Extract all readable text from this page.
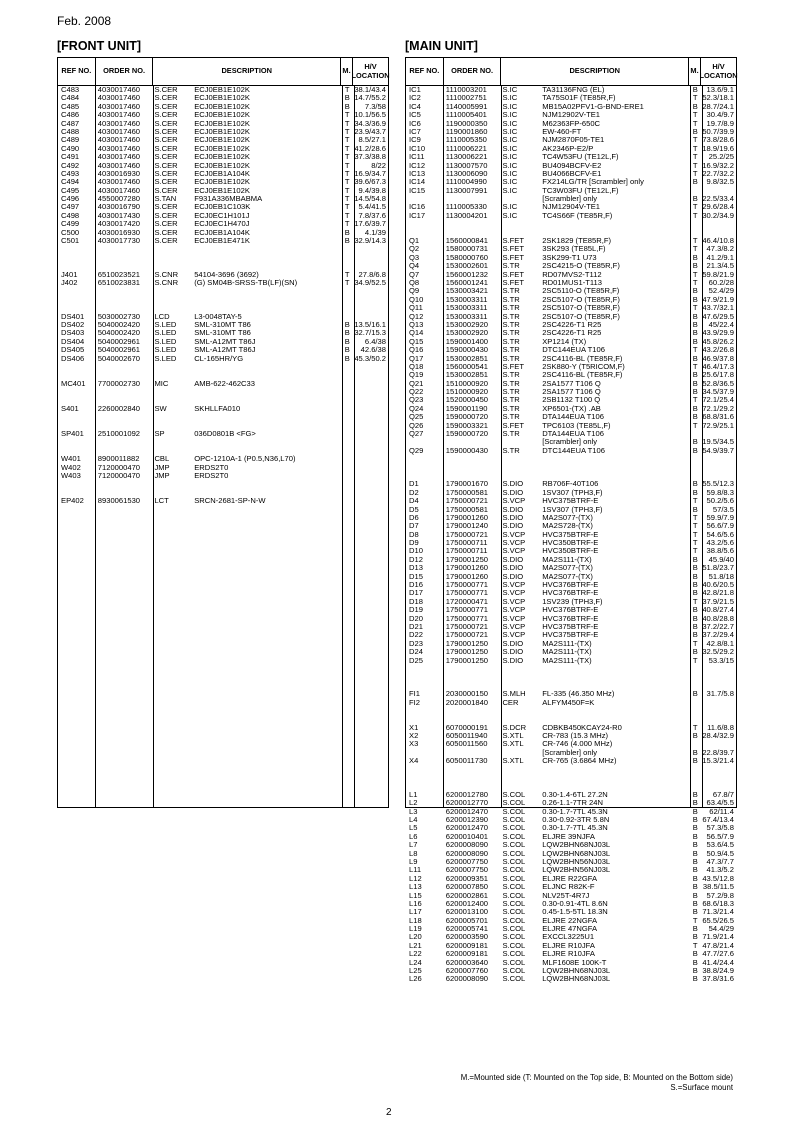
Feb. 2008
[FRONT UNIT]	[MAIN UNIT]
REF NO.	ORDER NO.	DESCRIPTION	M.	H/V LOCATION
C483	4030017460	S.CER	ECJ0EB1E102K	T 38.1/43.4
C484	4030017460	S.CER	ECJ0EB1E102K	B 14.7/55.2
C485	4030017460	S.CER	ECJ0EB1E102K	B	7.3/58
C486	4030017460	S.CER	ECJ0EB1E102K	T 10.1/56.5
C487	4030017460	S.CER	ECJ0EB1E102K	T 34.3/36.9
C488	4030017460	S.CER	ECJ0EB1E102K	T 23.9/43.7
C489	4030017460	S.CER	ECJ0EB1E102K	T	8.5/27.1
C490	4030017460	S.CER	ECJ0EB1E102K	T 41.2/28.6
C491	4030017460	S.CER	ECJ0EB1E102K	T 37.3/38.8
C492	4030017460	S.CER	ECJ0EB1E102K	T	8/22
C493	4030016930	S.CER	ECJ0EB1A104K	T 16.9/34.7
C494	4030017460	S.CER	ECJ0EB1E102K	T 39.6/67.3
C495	4030017460	S.CER	ECJ0EB1E102K	T	9.4/39.8
C496	4550007280	S.TAN	F931A336MBABMA	T 14.5/54.8
C497	4030016790	S.CER	ECJ0EB1C103K	T	5.4/41.5
C498	4030017430	S.CER	ECJ0EC1H101J	T	7.8/37.6
C499	4030017420	S.CER	ECJ0EC1H470J	T 17.6/39.7
C500	4030016930	S.CER	ECJ0EB1A104K	B	4.1/39
C501	4030017730	S.CER	ECJ0EB1E471K	B 32.9/14.3
J401	6510023521	S.CNR	54104-3696 (3692)	T	27.8/6.8
J402	6510023831	S.CNR	(G) SM04B-SRSS-TB(LF)(SN)	T 34.9/52.5
DS401	5030002730	LCD	L3-0048TAY-5
DS402	5040002420	S.LED	SML-310MT T86	B 13.5/16.1
DS403	5040002420	S.LED	SML-310MT T86	B 32.7/15.3
DS404	5040002961	S.LED	SML-A12MT T86J	B	6.4/38
DS405	5040002961	S.LED	SML-A12MT T86J	B	42.6/38
DS406	5040002670	S.LED	CL-165HR/YG	B 45.3/50.2
MC401	7700002730	MIC	AMB-622-462C33
S401	2260002840	SW	SKHLLFA010
SP401	2510001092	SP	036D0801B <FG>
W401	8900011882	CBL	OPC-1210A-1 (P0.5,N36,L70)
W402	7120000470	JMP	ERDS2T0
W403	7120000470	JMP	ERDS2T0
EP402	8930061530	LCT	SRCN-2681-SP-N-W
REF NO.	ORDER NO.	DESCRIPTION	M.	H/V LOCATION
IC1	1110003201	S.IC	TA31136FNG (EL)	B	13.6/9.1
IC2	1110002751	S.IC	TA75S01F (TE85R,F)	T 52.3/18.1
IC4	1140005991	S.IC	MB15A02PFV1-G-BND-ERE1	B 28.7/24.1
IC5	1110005401	S.IC	NJM12902V-TE1	T	30.4/9.7
IC6	1190000350	S.IC	M62363FP-650C	T	19.7/8.9
IC7	1190001860	S.IC	EW-460-FT	B 50.7/39.9
IC9	1110005350	S.IC	NJM2870F05-TE1	T 73.8/28.6
IC10	1110006221	S.IC	AK2346P-E2/P	T 18.9/19.6
IC11	1130006221	S.IC	TC4W53FU (TE12L,F)	T	25.2/25
IC12	1130007570	S.IC	BU4094BCFV-E2	T 16.9/32.2
IC13	1130006090	S.IC	BU4066BCFV-E1	T 22.7/32.2
IC14	1110004990	S.IC	FX214LG/TR [Scrambler] only	B	9.8/32.5
IC15	1130007991	S.IC	TC3W03FU (TE12L,F)
[Scrambler] only	B 22.5/33.4
IC16	1110005330	S.IC	NJM12904V-TE1	T 29.6/28.4
IC17	1130004201	S.IC	TC4S66F (TE85R,F)	T 30.2/34.9
Q1	1560000841	S.FET	2SK1829 (TE85R,F)	T 46.4/10.8
Q2	1580000731	S.FET	3SK293 (TE85L,F)	T	47.3/8.2
Q3	1580000760	S.FET	3SK299-T1 U73	B	41.2/9.1
Q4	1530002601	S.TR	2SC4215-O (TE85R,F)	B	21.3/4.5
Q7	1560001232	S.FET	RD07MVS2-T112	T 59.8/21.9
Q8	1560001241	S.FET	RD01MUS1-T113	T	60.2/28
Q9	1530003421	S.TR	2SC5110-O (TE85R,F)	B	52.4/29
Q10	1530003311	S.TR	2SC5107-O (TE85R,F)	B 47.9/21.9
Q11	1530003311	S.TR	2SC5107-O (TE85R,F)	T 43.7/32.1
Q12	1530003311	S.TR	2SC5107-O (TE85R,F)	B 47.6/29.5
Q13	1530002920	S.TR	2SC4226-T1 R25	B	45/22.4
Q14	1530002920	S.TR	2SC4226-T1 R25	B 43.9/29.9
Q15	1590001400	S.TR	XP1214 (TX)	B 45.8/26.2
Q16	1590000430	S.TR	DTC144EUA T106	T 43.2/26.8
Q17	1530002851	S.TR	2SC4116-BL (TE85R,F)	B 46.9/37.8
Q18	1560000541	S.FET	2SK880-Y (T5RICOM,F)	T 46.4/17.3
Q19	1530002851	S.TR	2SC4116-BL (TE85R,F)	B 25.6/17.8
Q21	1510000920	S.TR	2SA1577 T106 Q	B 52.8/36.5
Q22	1510000920	S.TR	2SA1577 T106 Q	B 34.5/37.9
Q23	1520000450	S.TR	2SB1132 T100 Q	T 72.1/25.4
Q24	1590001190	S.TR	XP6501-(TX) .AB	B 72.1/29.2
Q25	1590000720	S.TR	DTA144EUA T106	B 68.8/31.6
Q26	1590003321	S.FET	TPC6103 (TE85L,F)	T 72.9/25.1
Q27	1590000720	S.TR	DTA144EUA T106
[Scrambler] only	B 19.5/34.5
Q29	1590000430	S.TR	DTC144EUA T106	B 54.9/39.7
D1	1790001670	S.DIO	RB706F-40T106	B 55.5/12.3
D2	1750000581	S.DIO	1SV307 (TPH3,F)	B	59.8/8.3
D4	1750000721	S.VCP	HVC375BTRF-E	T	50.2/5.6
D5	1750000581	S.DIO	1SV307 (TPH3,F)	B	57/3.5
D6	1790001260	S.DIO	MA2S077-(TX)	T	59.9/7.9
D7	1790001240	S.DIO	MA2S728-(TX)	T	56.6/7.9
D8	1750000721	S.VCP	HVC375BTRF-E	T	54.6/5.6
D9	1750000711	S.VCP	HVC350BTRF-E	T	43.2/5.6
D10	1750000711	S.VCP	HVC350BTRF-E	T	38.8/5.6
D12	1790001250	S.DIO	MA2S111-(TX)	B	45.9/40
D13	1790001260	S.DIO	MA2S077-(TX)	B 51.8/23.7
D15	1790001260	S.DIO	MA2S077-(TX)	B	51.8/18
D16	1750000771	S.VCP	HVC376BTRF-E	B 40.6/20.5
D17	1750000771	S.VCP	HVC376BTRF-E	B 42.8/21.8
D18	1720000471	S.VCP	1SV239 (TPH3,F)	T 37.9/21.5
D19	1750000771	S.VCP	HVC376BTRF-E	B 40.8/27.4
D20	1750000771	S.VCP	HVC376BTRF-E	B 40.8/28.8
D21	1750000721	S.VCP	HVC375BTRF-E	B 37.2/22.7
D22	1750000721	S.VCP	HVC375BTRF-E	B 37.2/29.4
D23	1790001250	S.DIO	MA2S111-(TX)	T	42.8/8.1
D24	1790001250	S.DIO	MA2S111-(TX)	B 32.5/29.2
D25	1790001250	S.DIO	MA2S111-(TX)	T	53.3/15
FI1	2030000150	S.MLH	FL-335 (46.350 MHz)	B	31.7/5.8
FI2	2020001840	CER	ALFYM450F=K
X1	6070000191	S.DCR	CDBKB450KCAY24-R0	T	11.6/8.8
X2	6050011940	S.XTL	CR-783 (15.3 MHz)	B 28.4/32.9
X3	6050011560	S.XTL	CR-746 (4.000 MHz)
[Scrambler] only	B 22.8/39.7
X4	6050011730	S.XTL	CR-765 (3.6864 MHz)	B 15.3/21.4
L1	6200012780	S.COL	0.30-1.4-6TL 27.2N	B	67.8/7
L2	6200012770	S.COL	0.26-1.1-7TR 24N	B	63.4/5.5
L3	6200012470	S.COL	0.30-1.7-7TL 45.3N	B	62/11.4
L4	6200012390	S.COL	0.30-0.92-3TR 5.8N	B 67.4/13.4
L5	6200012470	S.COL	0.30-1.7-7TL 45.3N	B	57.3/5.8
L6	6200010401	S.COL	ELJRE 39NJFA	B	56.5/7.9
L7	6200008090	S.COL	LQW2BHN68NJ03L	B	53.6/4.5
L8	6200008090	S.COL	LQW2BHN68NJ03L	B	50.9/4.5
L9	6200007750	S.COL	LQW2BHN56NJ03L	B	47.3/7.7
L11	6200007750	S.COL	LQW2BHN56NJ03L	B	41.3/5.2
L12	6200009351	S.COL	ELJRE R22GFA	B 43.5/12.8
L13	6200007850	S.COL	ELJNC R82K-F	B 38.5/11.5
L15	6200002861	S.COL	NLV25T-4R7J	B	57.2/9.8
L16	6200012400	S.COL	0.30-0.91-4TL 8.6N	B 68.6/18.3
L17	6200013100	S.COL	0.45-1.5-5TL 18.3N	B 71.3/21.4
L18	6200005701	S.COL	ELJRE 22NGFA	T 65.5/26.5
L19	6200005741	S.COL	ELJRE 47NGFA	B	54.4/29
L20	6200003590	S.COL	EXCCL3225U1	B 71.9/21.4
L21	6200009181	S.COL	ELJRE R10JFA	T 47.8/21.4
L22	6200009181	S.COL	ELJRE R10JFA	B 47.7/27.6
L24	6200003640	S.COL	MLF1608E 100K-T	B 41.4/24.4
L25	6200007760	S.COL	LQW2BHN68NJ03L	B 38.8/24.9
L26	6200008090	S.COL	LQW2BHN68NJ03L	B 37.8/31.6
M.=Mounted side (T: Mounted on the Top side, B: Mounted on the Bottom side)
S.=Surface mount
2
